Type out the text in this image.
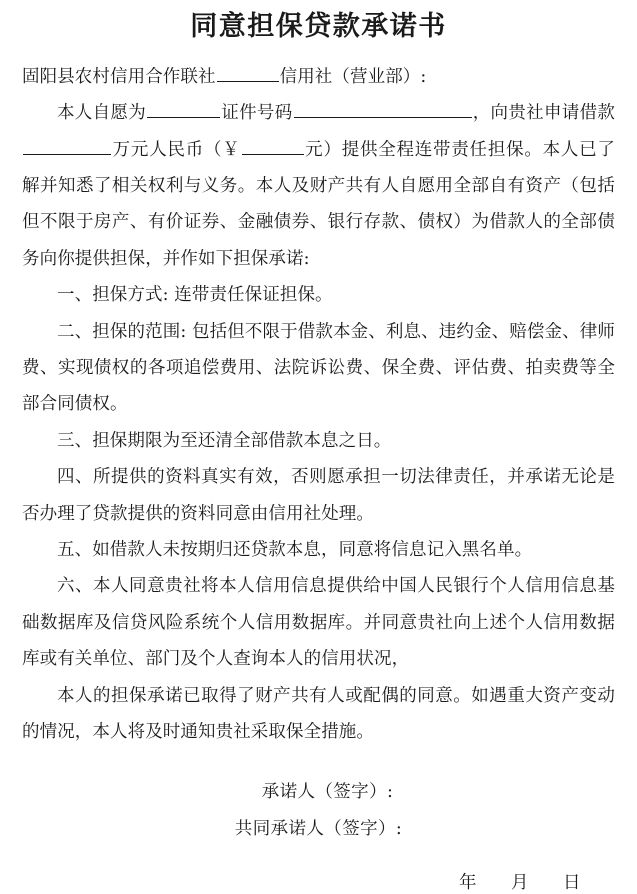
同意担保贷款承诺书

固阳县农村信用合作联社	信用社（营业部）:

本人自愿为	证件号码	，向贵社申请借款万元人民币（￥	元）提供全程连带责任担保。本人已了解并知悉了相关权利与义务。本人及财产共有人自愿用全部自有资产（包括但不限于房产、有价证券、金融债券、银行存款、债权）为借款人的全部债务向你提供担保，并作如下担保承诺:

一、担保方式: 连带责任保证担保。

二、担保的范围: 包括但不限于借款本金、利息、违约金、赔偿金、律师费、实现债权的各项追偿费用、法院诉讼费、保全费、评估费、拍卖费等全部合同债权。

三、担保期限为至还清全部借款本息之日。

四、所提供的资料真实有效，否则愿承担一切法律责任，并承诺无论是否办理了贷款提供的资料同意由信用社处理。

五、如借款人未按期归还贷款本息，同意将信息记入黑名单。

六、本人同意贵社将本人信用信息提供给中国人民银行个人信用信息基础数据库及信贷风险系统个人信用数据库。并同意贵社向上述个人信用数据库或有关单位、部门及个人查询本人的信用状况，

本人的担保承诺已取得了财产共有人或配偶的同意。如遇重大资产变动的情况，本人将及时通知贵社采取保全措施。

承诺人（签字）:

共同承诺人（签字）:

年 月 日
